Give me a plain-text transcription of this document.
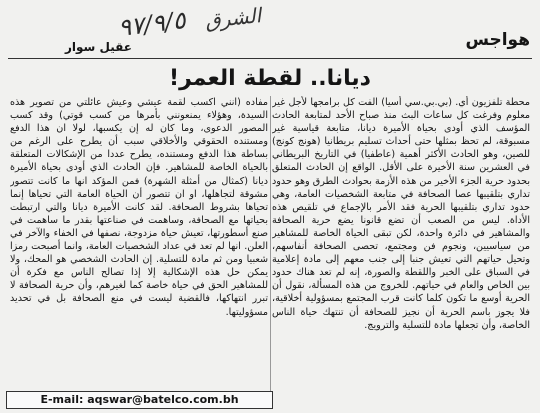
هواجس
الشرق
٩٧/٩/٥
عقيل سوار
ديانا.. لقطة العمر!
محطة تلفزيون أي. (بي.بي.سي أسيا) الفت كل برامجها لأجل غير معلوم وفرغت كل ساعات البث منذ صباح الأحد لمتابعة الحادث المؤسف الذي أودى بحياة الأميرة ديانا، متابعة قياسية غير مسبوقة، لم تحظ بمثلها حتى أحداث تسليم بريطانيا (هونج كونج) للصين، وهو الحادث الأكثر أهمية (عاطفيا) في التاريخ البريطاني في العشرين سنة الأخيرة على الأقل. الواقع إن الحادث المتعلق بحدود حرية الجزء الأخير من هذه الأزمة بحوادث الطرق وهو حدود تداري بتلقيبها عصا الصحافة في متابعة الشخصيات العامة، وهي حدود تداري بتلقيبها الحرية فقد الأمر بالإجماع في تلقيص هذه الأداة. ليس من الصعب أن تضع قانونا يضع حرية الصحافة والمشاهير في دائرة واحدة، لكن تبقى الحياة الخاصة للمشاهير من سياسيين، ونجوم فن ومجتمع، تحصى الصحافة أنفاسهم، وتحيل حياتهم التي تعيش جنبا إلى جنب معهم إلى مادة إعلامية في السباق على الخبر واللقطة والصورة، إنه لم تعد هناك حدود بين الخاص والعام في حياتهم. للخروج من هذه المسألة، نقول أن الحرية أوسع ما تكون كلما كانت قرب المجتمع بمسؤولية أخلاقية، فلا يجوز باسم الحرية أن نجيز للصحافة أن تنتهك حياة الناس الخاصة، وأن تجعلها مادة للتسلية والترويج.
مفاده (انني اكسب لقمة عيشي وعيش عائلتي من تصوير هذه السيدة، وهؤلاء يمنعونني بأمرها من كسب قوتي) وقد كسب المصور الدعوى، وما كان له إن يكسبها، لولا ان هذا الدفع ومستنده الحقوقي والأخلاقي سبب أن يطرح على الرغم من بساطة هذا الدفع ومستنده، يطرح عددا من الإشكالات المتعلقة بالحياة الخاصة للمشاهير. فإن الحادث الذي أودى بحياة الأميرة ديانا (كمثال من أمثلة الشهرة) فمن المؤكد انها ما كانت تتصور مشوقة لتجاهلها، او ان تتصور أن الحياة العامة التي تحياها إنما تحياها بشروط الصحافة. لقد كانت الأميرة ديانا والتي ارتبطت بحياتها مع الصحافة، وساهمت في صناعتها بقدر ما ساهمت في صنع أسطورتها، تعيش حياة مزدوجة، نصفها في الخفاء والآخر في العلن. انها لم تعد في عداد الشخصيات العامة، وانما أصبحت رمزا شعبيا ومن ثم مادة للتسلية. إن الحادث الشخصي هو المحك، ولا يمكن حل هذه الإشكالية إلا إذا تصالح الناس مع فكرة أن للمشاهير الحق في حياة خاصة كما لغيرهم، وأن حرية الصحافة لا تبرر انتهاكها، فالقضية ليست في منع الصحافة بل في تحديد مسؤوليتها.
E-mail: aqswar@batelco.com.bh
